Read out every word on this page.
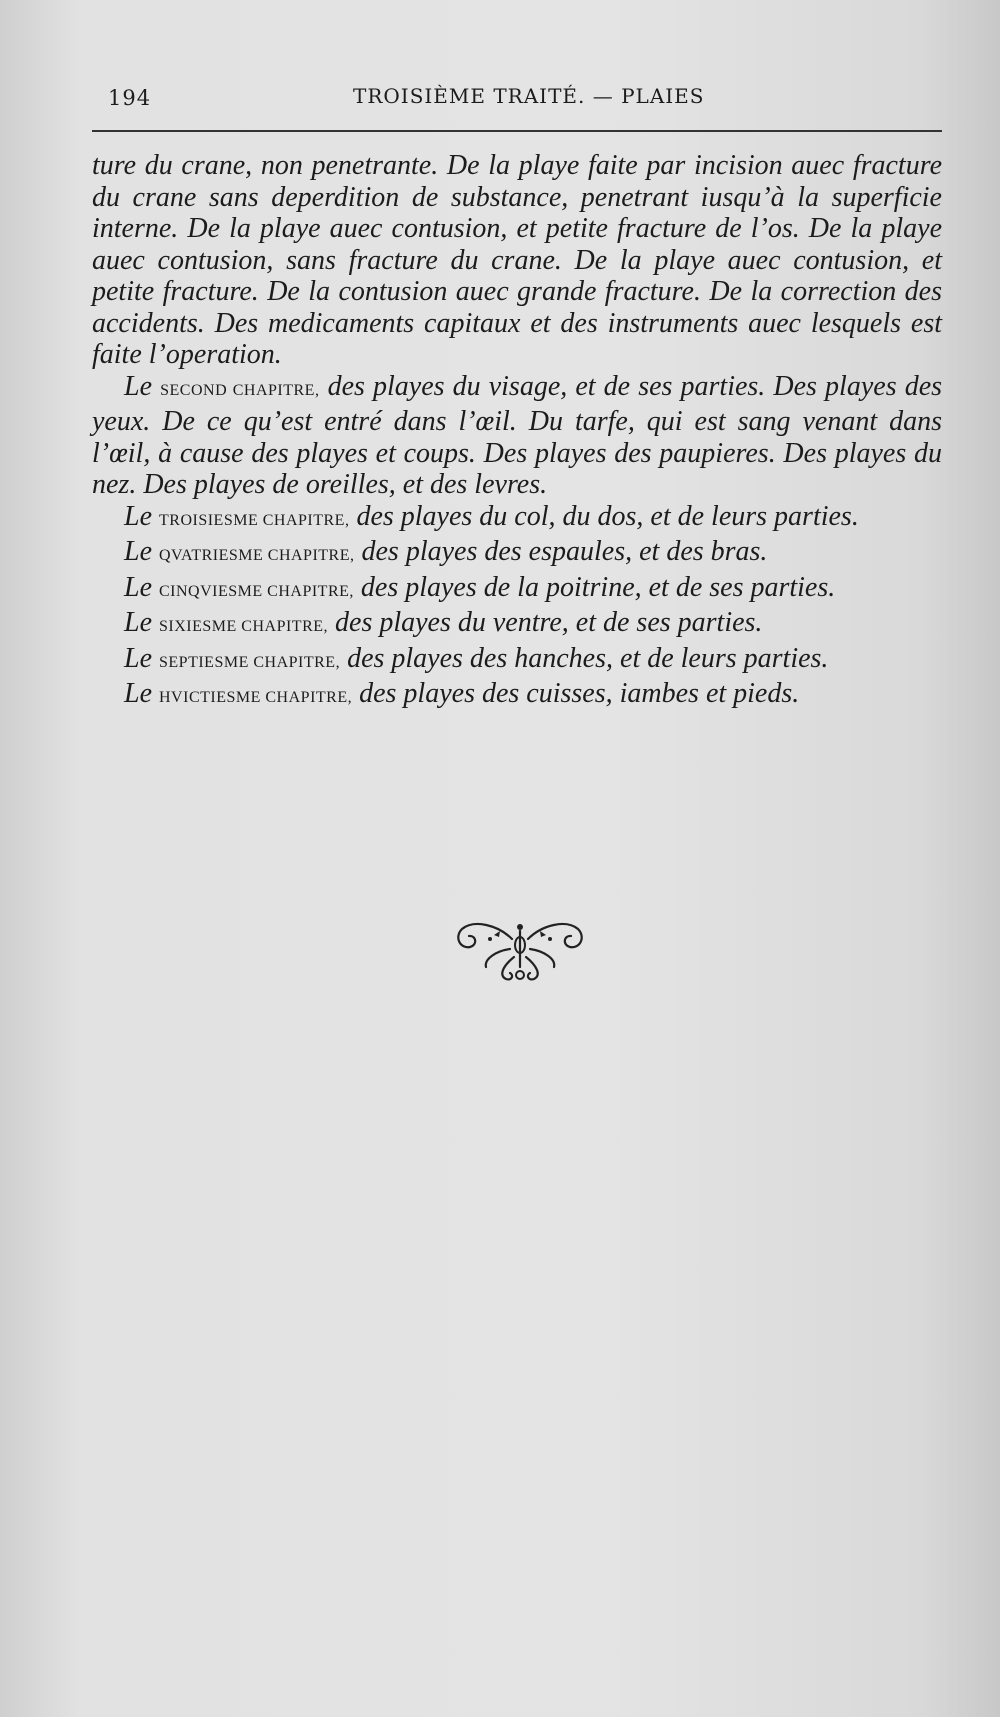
194	TROISIÈME TRAITÉ. — PLAIES

ture du crane, non penetrante. De la playe faite par incision auec fracture du crane sans deperdition de substance, penetrant iusqu’à la superficie interne. De la playe auec contusion, et petite fracture de l’os. De la playe auec contusion, sans fracture du crane. De la playe auec contusion, et petite fracture. De la contusion auec grande fracture. De la correction des accidents. Des medicaments capitaux et des instruments auec lesquels est faite l’operation.

Le SECOND CHAPITRE, des playes du visage, et de ses parties. Des playes des yeux. De ce qu’est entré dans l’œil. Du tarfe, qui est sang venant dans l’œil, à cause des playes et coups. Des playes des paupieres. Des playes du nez. Des playes de oreilles, et des levres.

Le TROISIESME CHAPITRE, des playes du col, du dos, et de leurs parties.

Le QVATRIESME CHAPITRE, des playes des espaules, et des bras.

Le CINQVIESME CHAPITRE, des playes de la poitrine, et de ses parties.

Le SIXIESME CHAPITRE, des playes du ventre, et de ses parties.

Le SEPTIESME CHAPITRE, des playes des hanches, et de leurs parties.

Le HVICTIESME CHAPITRE, des playes des cuisses, iambes et pieds.
